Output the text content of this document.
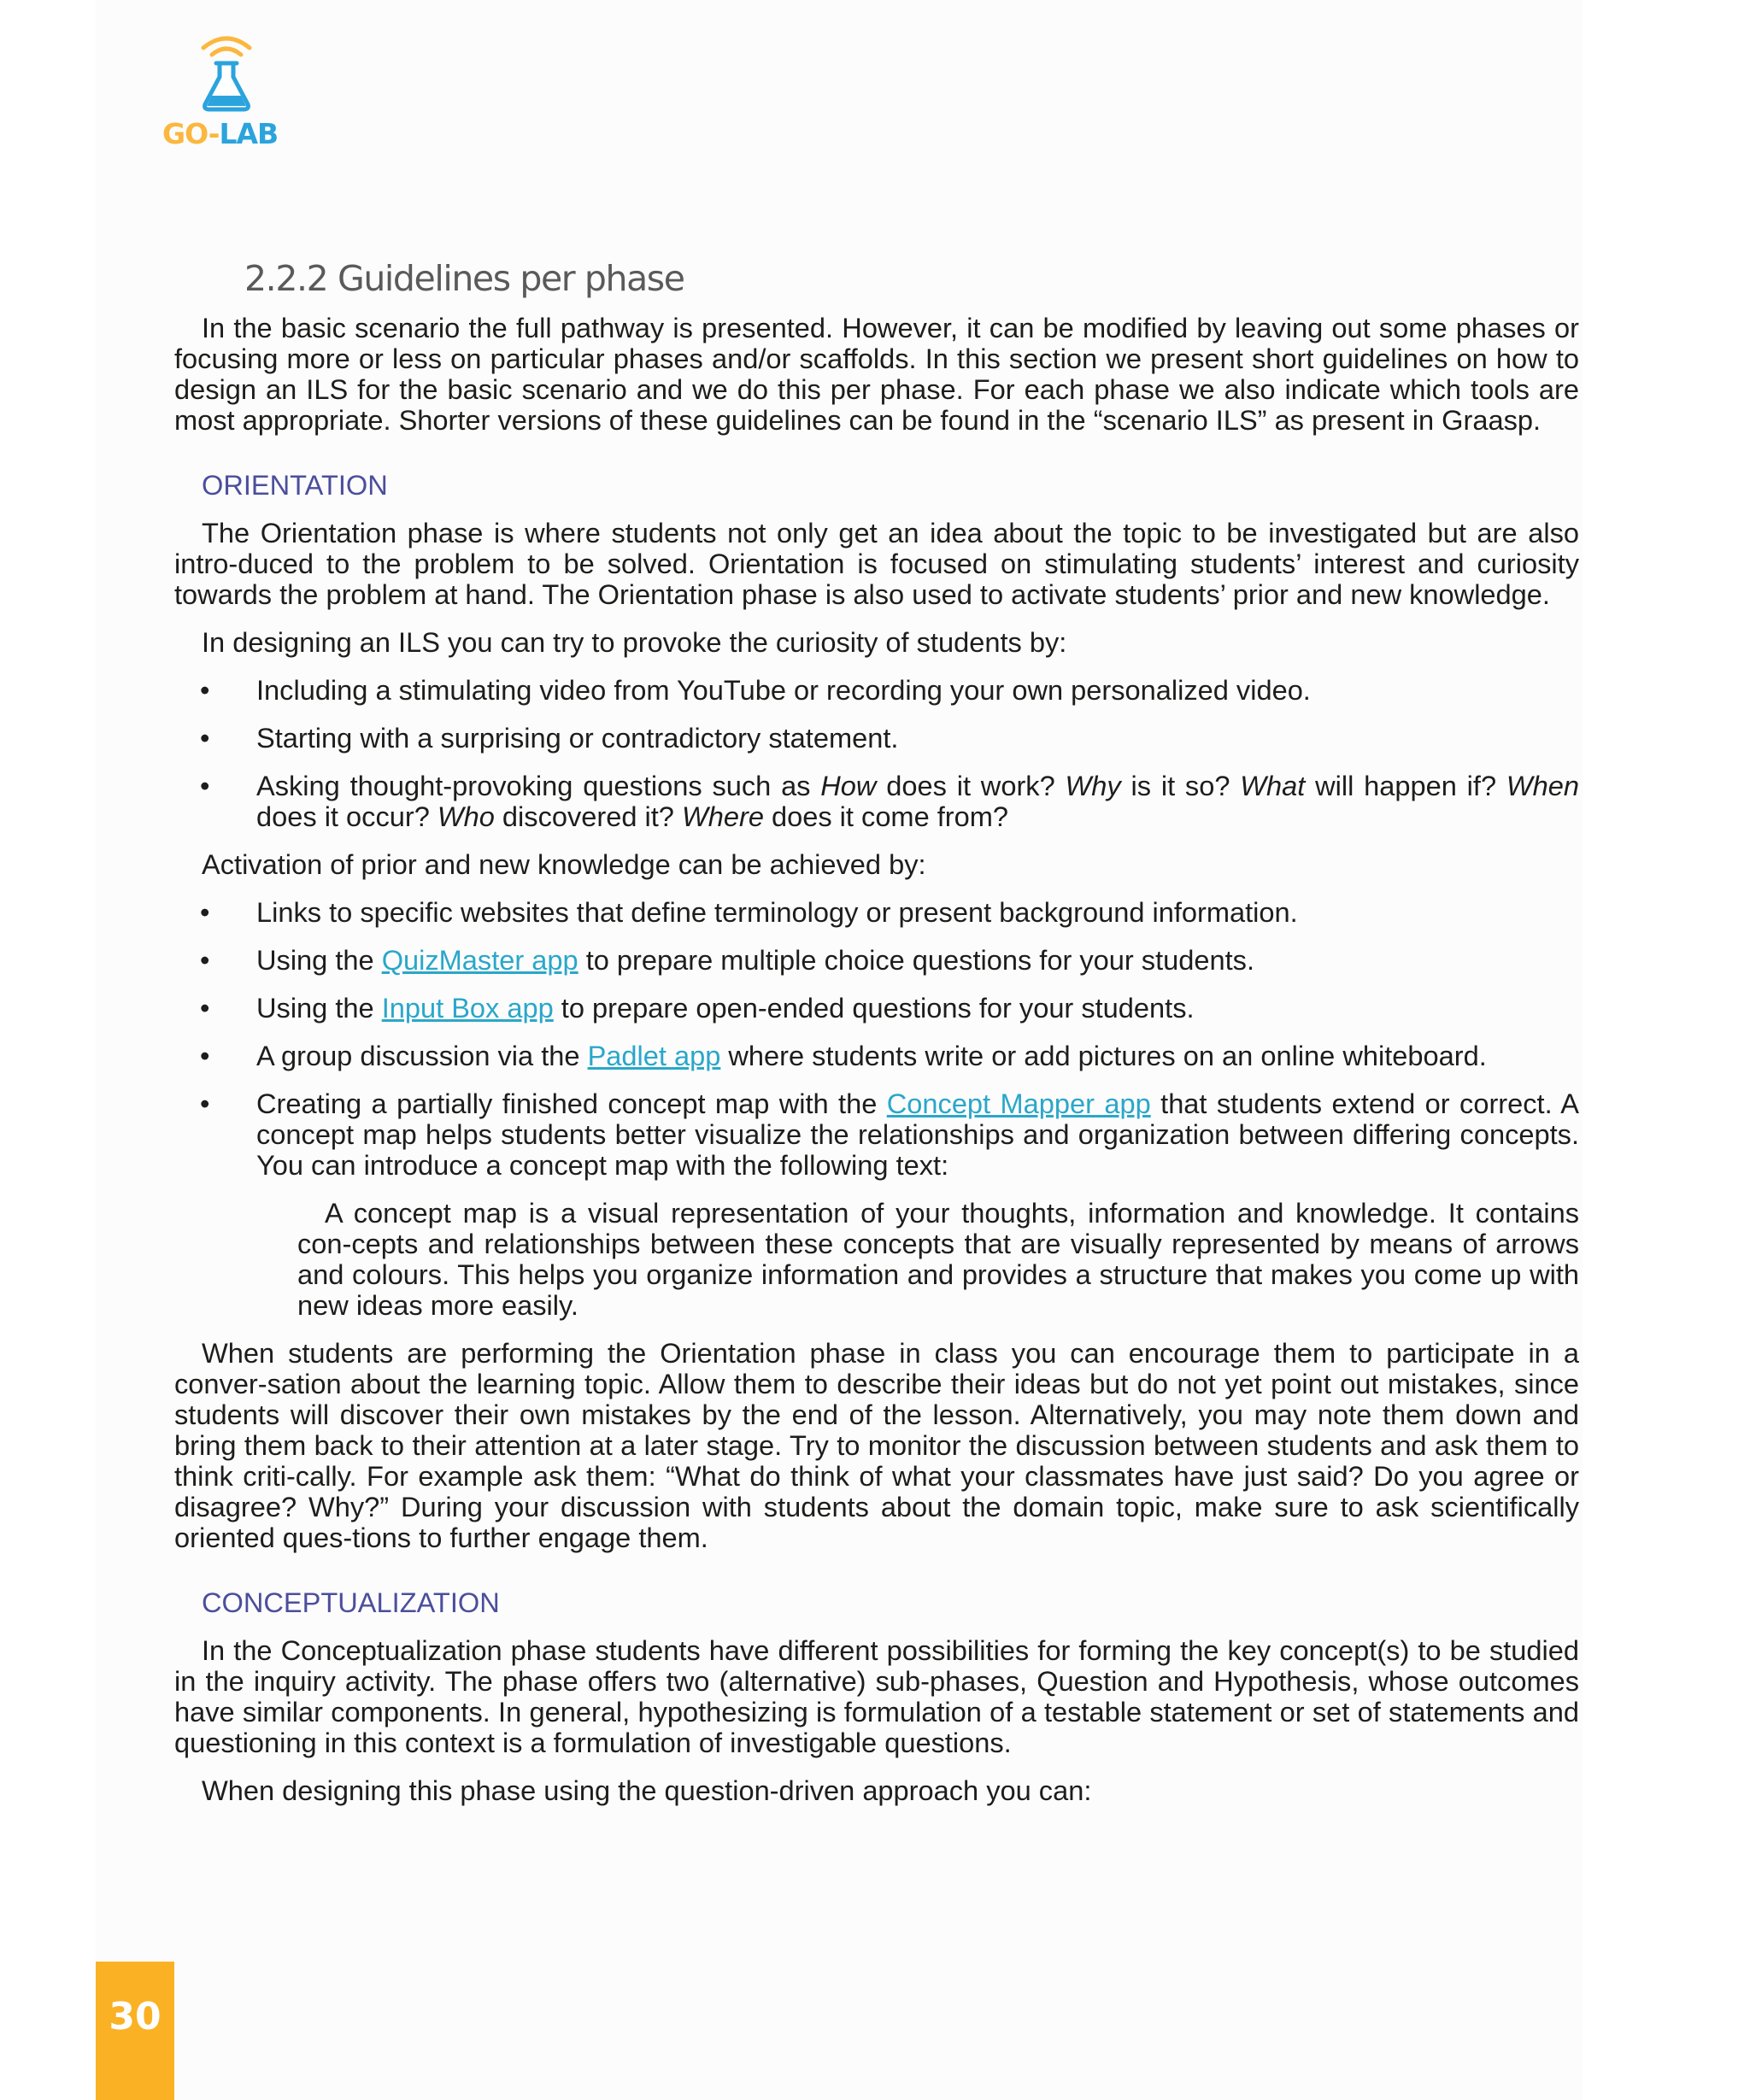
GO-LAB
2.2.2 Guidelines per phase

In the basic scenario the full pathway is presented. However, it can be modified by leaving out some phases or focusing more or less on particular phases and/or scaffolds. In this section we present short guidelines on how to design an ILS for the basic scenario and we do this per phase. For each phase we also indicate which tools are most appropriate. Shorter versions of these guidelines can be found in the “scenario ILS” as present in Graasp.

ORIENTATION

The Orientation phase is where students not only get an idea about the topic to be investigated but are also intro-duced to the problem to be solved. Orientation is focused on stimulating students’ interest and curiosity towards the problem at hand. The Orientation phase is also used to activate students’ prior and new knowledge.

In designing an ILS you can try to provoke the curiosity of students by:

• Including a stimulating video from YouTube or recording your own personalized video.
• Starting with a surprising or contradictory statement.
• Asking thought-provoking questions such as How does it work? Why is it so? What will happen if? When does it occur? Who discovered it? Where does it come from?

Activation of prior and new knowledge can be achieved by:

• Links to specific websites that define terminology or present background information.
• Using the QuizMaster app to prepare multiple choice questions for your students.
• Using the Input Box app to prepare open-ended questions for your students.
• A group discussion via the Padlet app where students write or add pictures on an online whiteboard.
• Creating a partially finished concept map with the Concept Mapper app that students extend or correct. A concept map helps students better visualize the relationships and organization between differing concepts. You can introduce a concept map with the following text:

A concept map is a visual representation of your thoughts, information and knowledge. It contains con-cepts and relationships between these concepts that are visually represented by means of arrows and colours. This helps you organize information and provides a structure that makes you come up with new ideas more easily.

When students are performing the Orientation phase in class you can encourage them to participate in a conver-sation about the learning topic. Allow them to describe their ideas but do not yet point out mistakes, since students will discover their own mistakes by the end of the lesson. Alternatively, you may note them down and bring them back to their attention at a later stage. Try to monitor the discussion between students and ask them to think criti-cally. For example ask them: “What do think of what your classmates have just said? Do you agree or disagree? Why?” During your discussion with students about the domain topic, make sure to ask scientifically oriented ques-tions to further engage them.

CONCEPTUALIZATION

In the Conceptualization phase students have different possibilities for forming the key concept(s) to be studied in the inquiry activity. The phase offers two (alternative) sub-phases, Question and Hypothesis, whose outcomes have similar components. In general, hypothesizing is formulation of a testable statement or set of statements and questioning in this context is a formulation of investigable questions.

When designing this phase using the question-driven approach you can:

30
